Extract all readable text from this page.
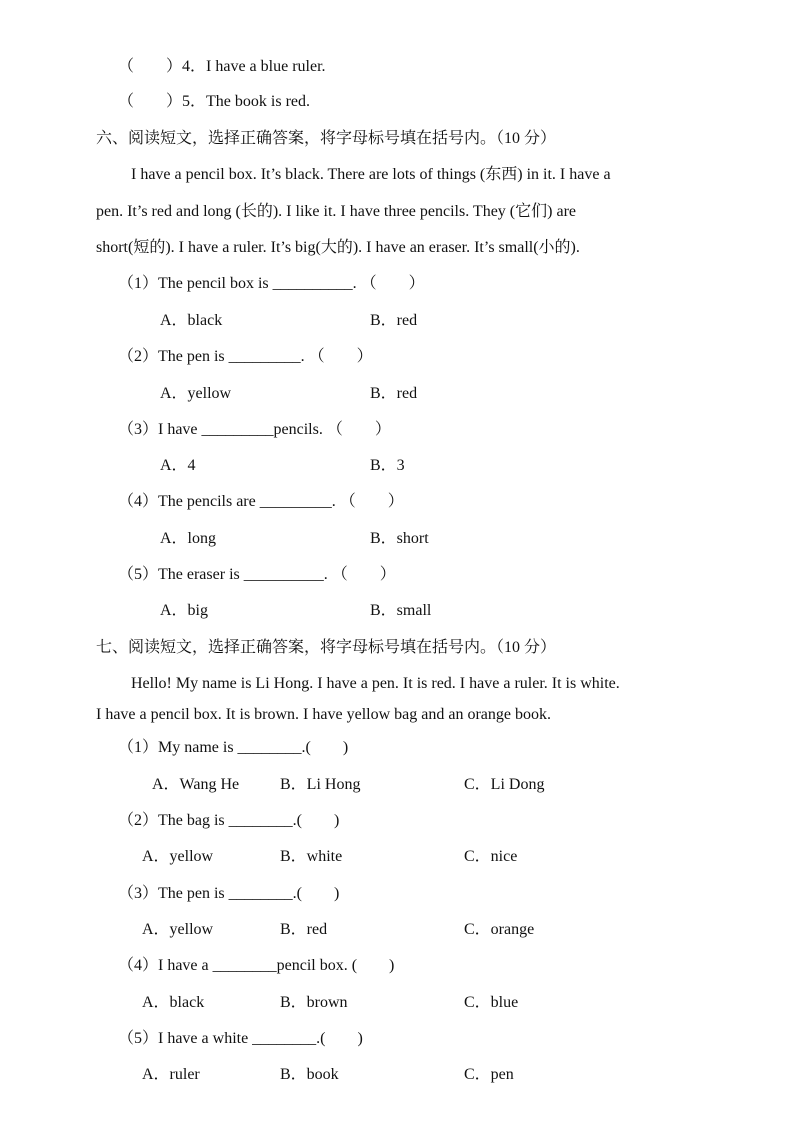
（　　）4．I have a blue ruler.
（　　）5．The book is red.
六、阅读短文，选择正确答案，将字母标号填在括号内。（10 分）
I have a pencil box. It’s black. There are lots of things (东西) in it. I have a
pen. It’s red and long (长的). I like it. I have three pencils. They (它们) are
short(短的). I have a ruler. It’s big(大的). I have an eraser. It’s small(小的).
（1）The pencil box is __________. （　　）
A．black	B．red
（2）The pen is _________. （　　）
A．yellow	B．red
（3）I have _________pencils. （　　）
A．4	B．3
（4）The pencils are _________. （　　）
A．long	B．short
（5）The eraser is __________. （　　）
A．big	B．small
七、阅读短文，选择正确答案，将字母标号填在括号内。（10 分）
Hello! My name is Li Hong. I have a pen. It is red. I have a ruler. It is white.
I have a pencil box. It is brown. I have yellow bag and an orange book.
（1）My name is ________.(　　)
A．Wang He	B．Li Hong	C．Li Dong
（2）The bag is ________.(　　)
A．yellow	B．white	C．nice
（3）The pen is ________.(　　)
A．yellow	B．red	C．orange
（4）I have a ________pencil box. (　　)
A．black	B．brown	C．blue
（5）I have a white ________.(　　)
A．ruler	B．book	C．pen
